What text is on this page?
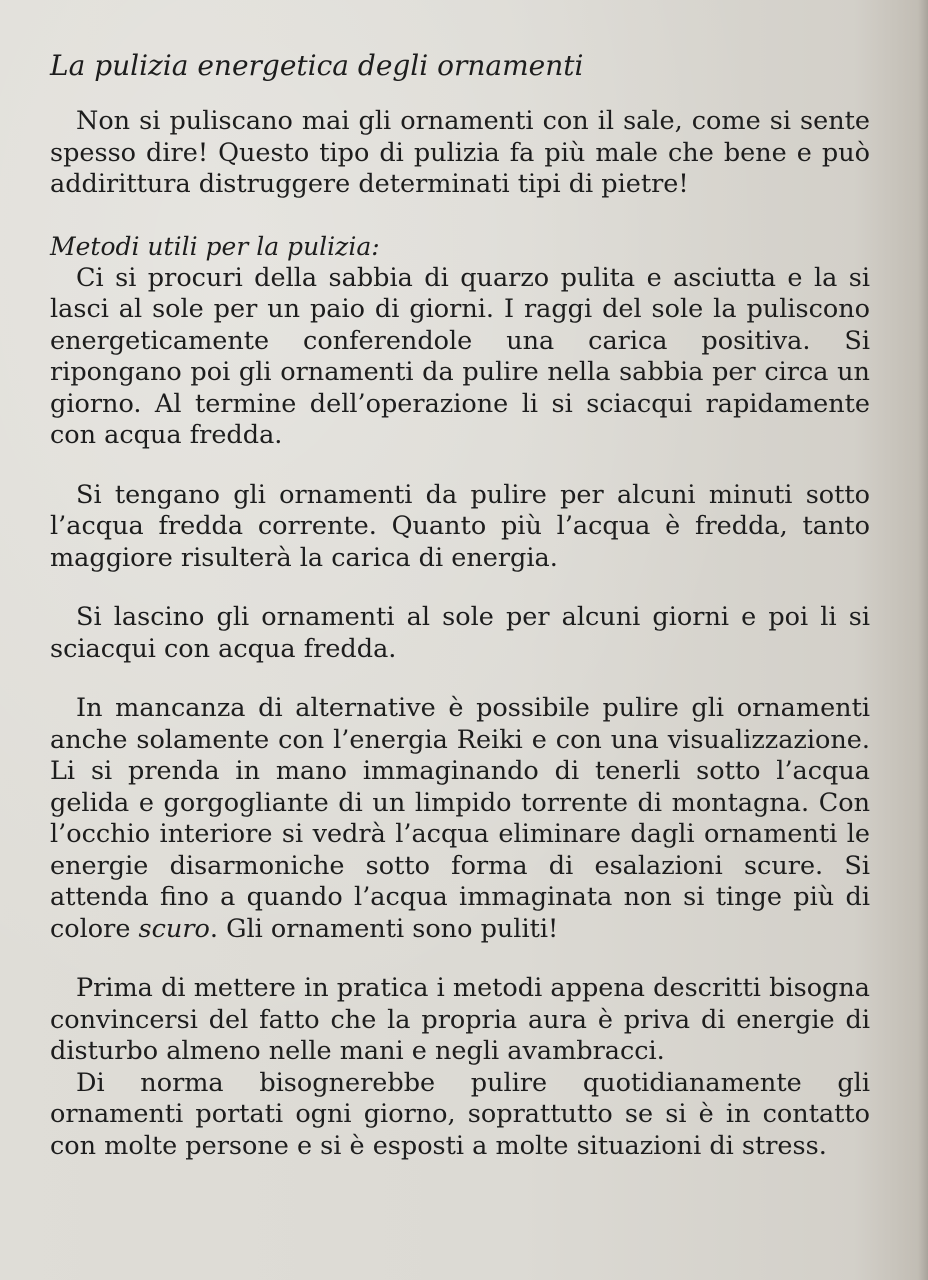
La pulizia energetica degli ornamenti

Non si puliscano mai gli ornamenti con il sale, come si sente spesso dire! Questo tipo di pulizia fa più male che bene e può addirittura distruggere determinati tipi di pietre!

Metodi utili per la pulizia:

Ci si procuri della sabbia di quarzo pulita e asciutta e la si lasci al sole per un paio di giorni. I raggi del sole la puliscono energeticamente conferendole una carica positiva. Si ripongano poi gli ornamenti da pulire nella sabbia per circa un giorno. Al termine dell’operazione li si sciacqui rapidamente con acqua fredda.

Si tengano gli ornamenti da pulire per alcuni minuti sotto l’acqua fredda corrente. Quanto più l’acqua è fredda, tanto maggiore risulterà la carica di energia.

Si lascino gli ornamenti al sole per alcuni giorni e poi li si sciacqui con acqua fredda.

In mancanza di alternative è possibile pulire gli ornamenti anche solamente con l’energia Reiki e con una visualizzazione. Li si prenda in mano immaginando di tenerli sotto l’acqua gelida e gorgogliante di un limpido torrente di montagna. Con l’occhio interiore si vedrà l’acqua eliminare dagli ornamenti le energie disarmoniche sotto forma di esalazioni scure. Si attenda fino a quando l’acqua immaginata non si tinge più di colore scuro. Gli ornamenti sono puliti!

Prima di mettere in pratica i metodi appena descritti bisogna convincersi del fatto che la propria aura è priva di energie di disturbo almeno nelle mani e negli avambracci.

Di norma bisognerebbe pulire quotidianamente gli ornamenti portati ogni giorno, soprattutto se si è in contatto con molte persone e si è esposti a molte situazioni di stress.
